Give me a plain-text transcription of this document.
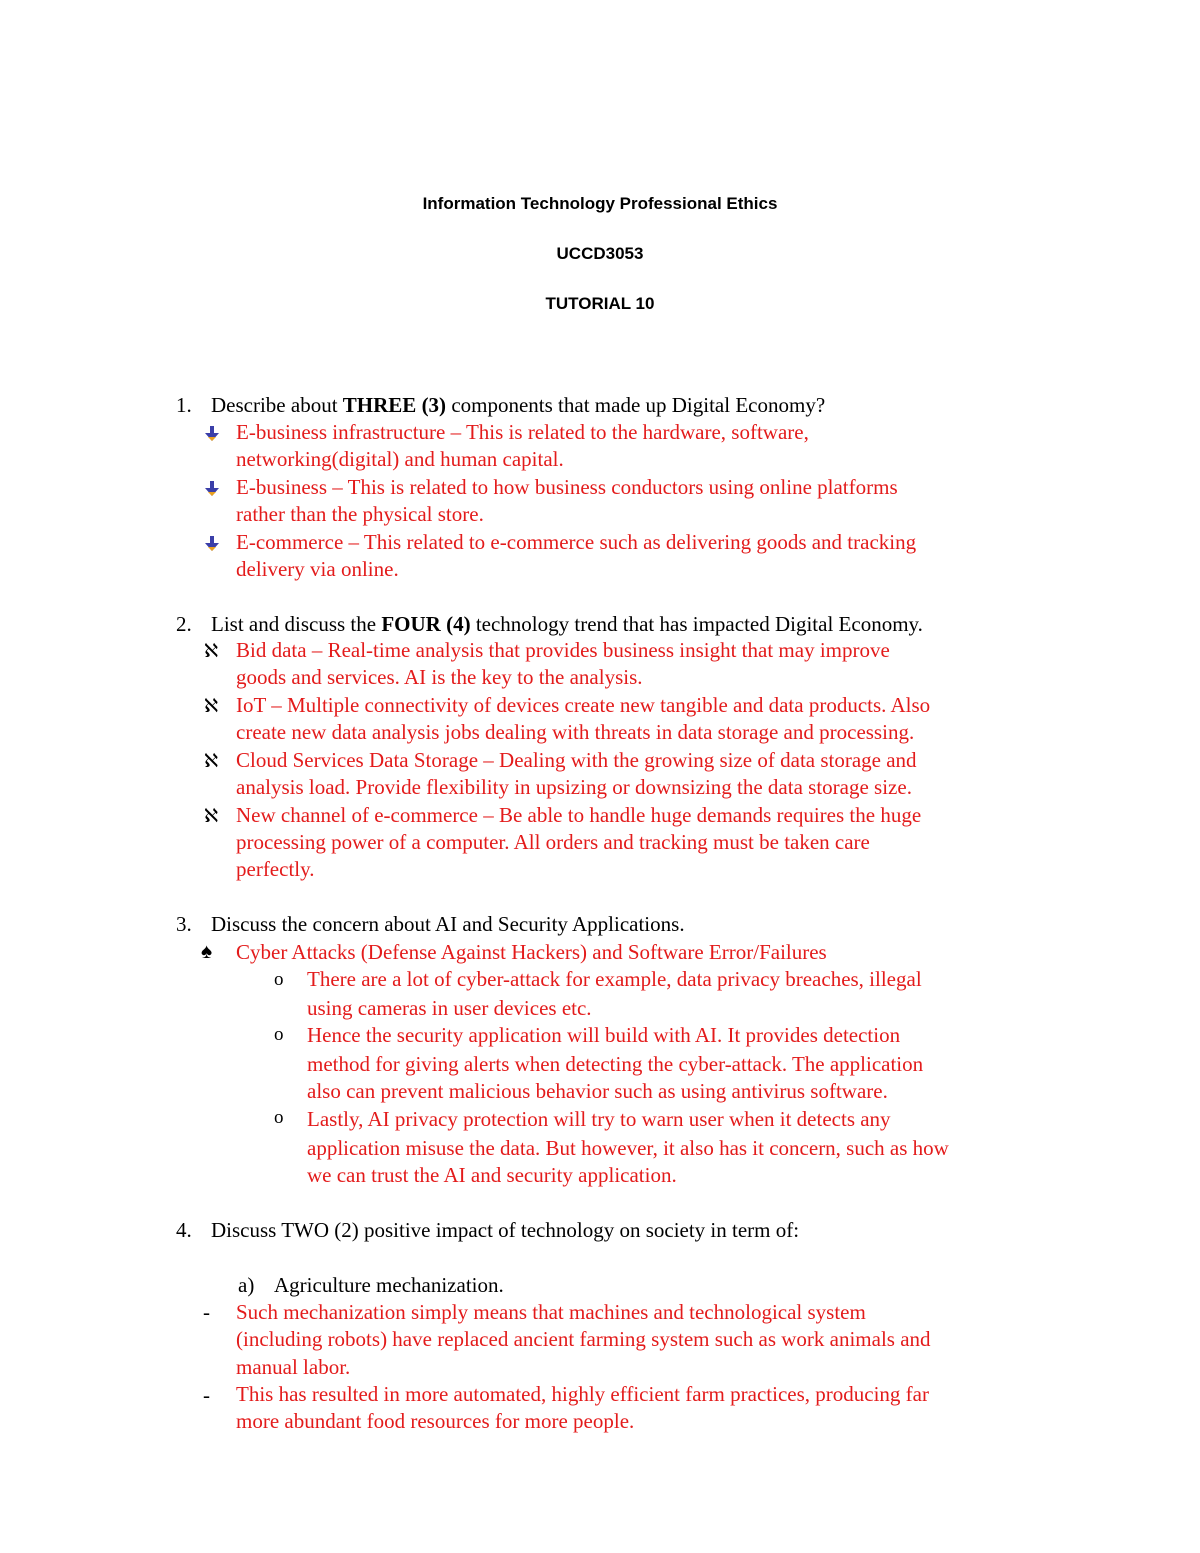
Information Technology Professional Ethics
UCCD3053
TUTORIAL 10
1. Describe about THREE (3) components that made up Digital Economy?
E-business infrastructure – This is related to the hardware, software,
networking(digital) and human capital.
E-business – This is related to how business conductors using online platforms
rather than the physical store.
E-commerce – This related to e-commerce such as delivering goods and tracking
delivery via online.
2. List and discuss the FOUR (4) technology trend that has impacted Digital Economy.
ℵ
ℵ
ℵ
ℵ
Bid data – Real-time analysis that provides business insight that may improve
goods and services. AI is the key to the analysis.
IoT – Multiple connectivity of devices create new tangible and data products. Also
create new data analysis jobs dealing with threats in data storage and processing.
Cloud Services Data Storage – Dealing with the growing size of data storage and
analysis load. Provide flexibility in upsizing or downsizing the data storage size.
New channel of e-commerce – Be able to handle huge demands requires the huge
processing power of a computer. All orders and tracking must be taken care
perfectly.
3. Discuss the concern about AI and Security Applications.
♠ Cyber Attacks (Defense Against Hackers) and Software Error/Failures
o
o
o
There are a lot of cyber-attack for example, data privacy breaches, illegal
using cameras in user devices etc.
Hence the security application will build with AI. It provides detection
method for giving alerts when detecting the cyber-attack. The application
also can prevent malicious behavior such as using antivirus software.
Lastly, AI privacy protection will try to warn user when it detects any
application misuse the data. But however, it also has it concern, such as how
we can trust the AI and security application.
4. Discuss TWO (2) positive impact of technology on society in term of:
a) Agriculture mechanization.
-
-
Such mechanization simply means that machines and technological system
(including robots) have replaced ancient farming system such as work animals and
manual labor.
This has resulted in more automated, highly efficient farm practices, producing far
more abundant food resources for more people.
